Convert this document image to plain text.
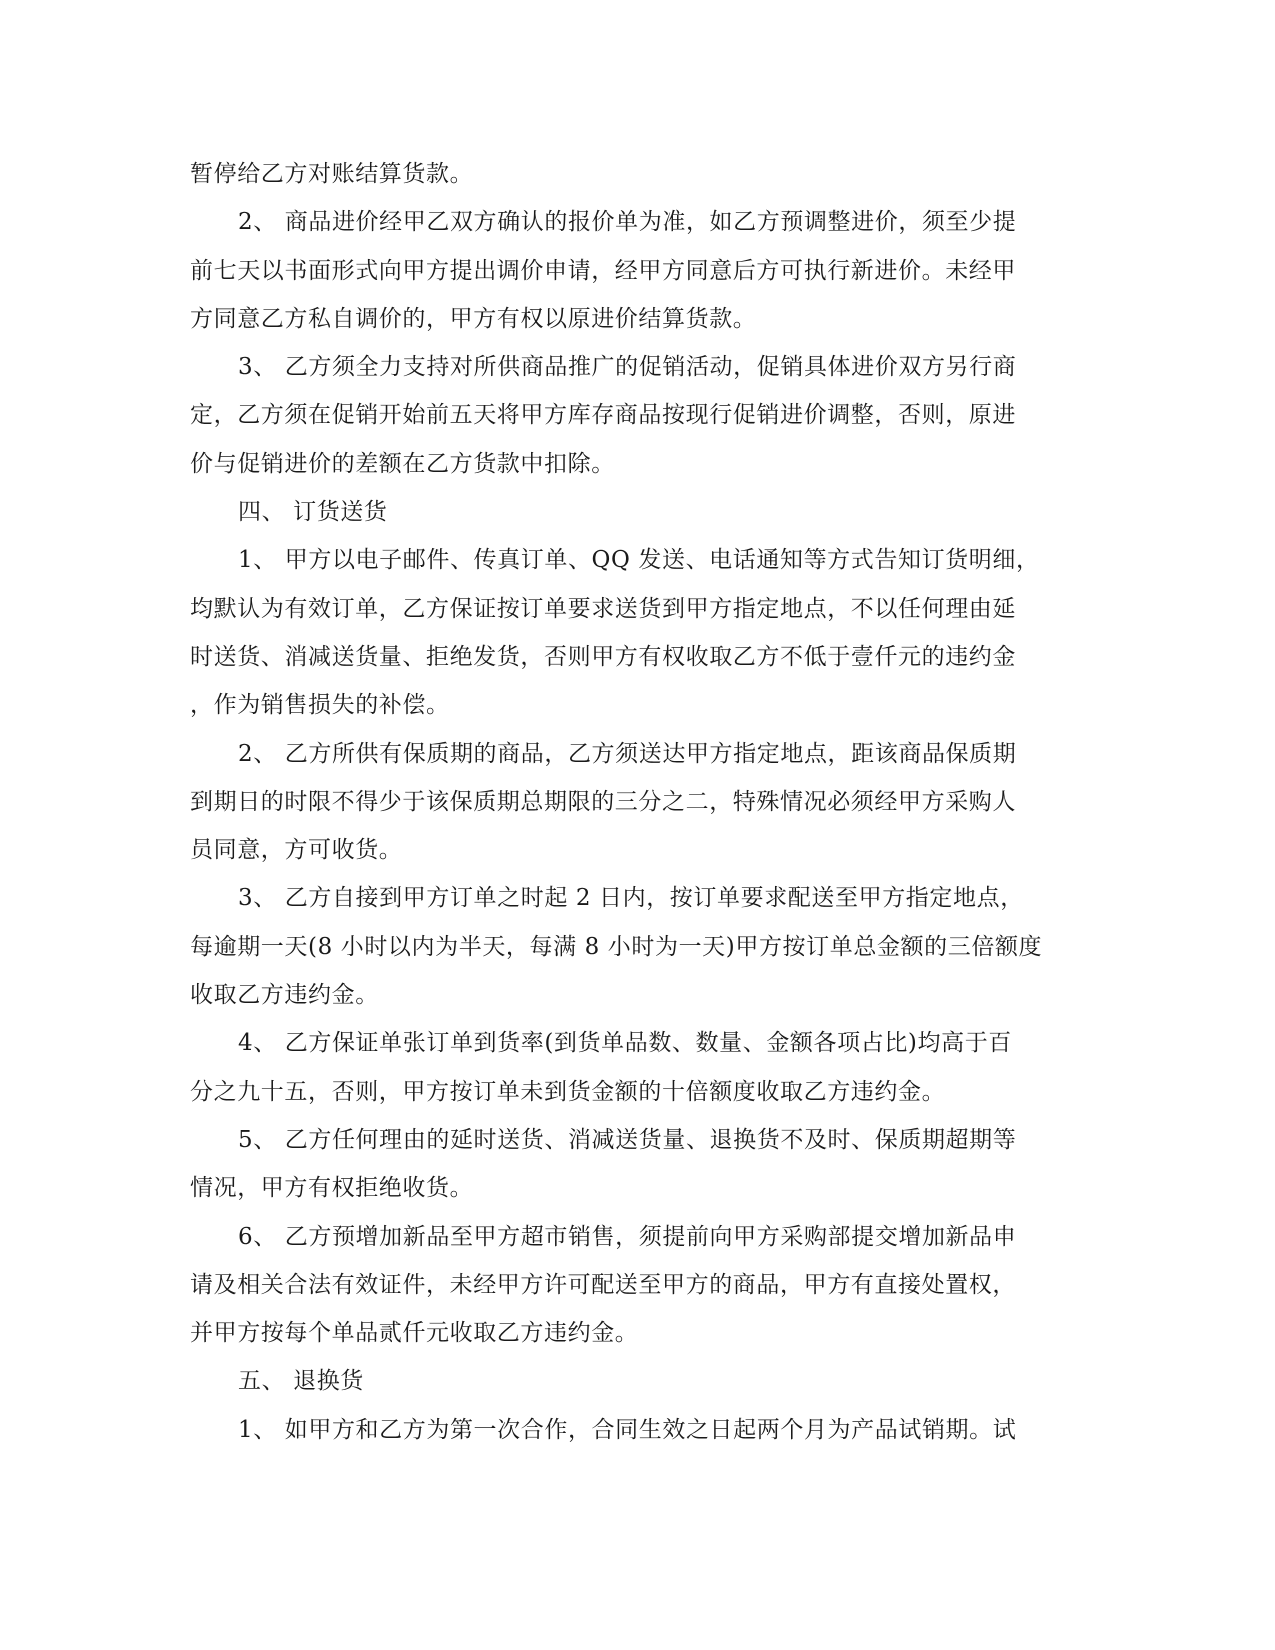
暂停给乙方对账结算货款。
2、 商品进价经甲乙双方确认的报价单为准，如乙方预调整进价，须至少提
前七天以书面形式向甲方提出调价申请，经甲方同意后方可执行新进价。未经甲
方同意乙方私自调价的，甲方有权以原进价结算货款。
3、 乙方须全力支持对所供商品推广的促销活动，促销具体进价双方另行商
定，乙方须在促销开始前五天将甲方库存商品按现行促销进价调整，否则，原进
价与促销进价的差额在乙方货款中扣除。
四、 订货送货
1、 甲方以电子邮件、传真订单、QQ 发送、电话通知等方式告知订货明细，
均默认为有效订单，乙方保证按订单要求送货到甲方指定地点，不以任何理由延
时送货、消减送货量、拒绝发货，否则甲方有权收取乙方不低于壹仟元的违约金
，作为销售损失的补偿。
2、 乙方所供有保质期的商品，乙方须送达甲方指定地点，距该商品保质期
到期日的时限不得少于该保质期总期限的三分之二，特殊情况必须经甲方采购人
员同意，方可收货。
3、 乙方自接到甲方订单之时起 2 日内，按订单要求配送至甲方指定地点，
每逾期一天(8 小时以内为半天，每满 8 小时为一天)甲方按订单总金额的三倍额度
收取乙方违约金。
4、 乙方保证单张订单到货率(到货单品数、数量、金额各项占比)均高于百
分之九十五，否则，甲方按订单未到货金额的十倍额度收取乙方违约金。
5、 乙方任何理由的延时送货、消减送货量、退换货不及时、保质期超期等
情况，甲方有权拒绝收货。
6、 乙方预增加新品至甲方超市销售，须提前向甲方采购部提交增加新品申
请及相关合法有效证件，未经甲方许可配送至甲方的商品，甲方有直接处置权，
并甲方按每个单品贰仟元收取乙方违约金。
五、 退换货
1、 如甲方和乙方为第一次合作，合同生效之日起两个月为产品试销期。试
